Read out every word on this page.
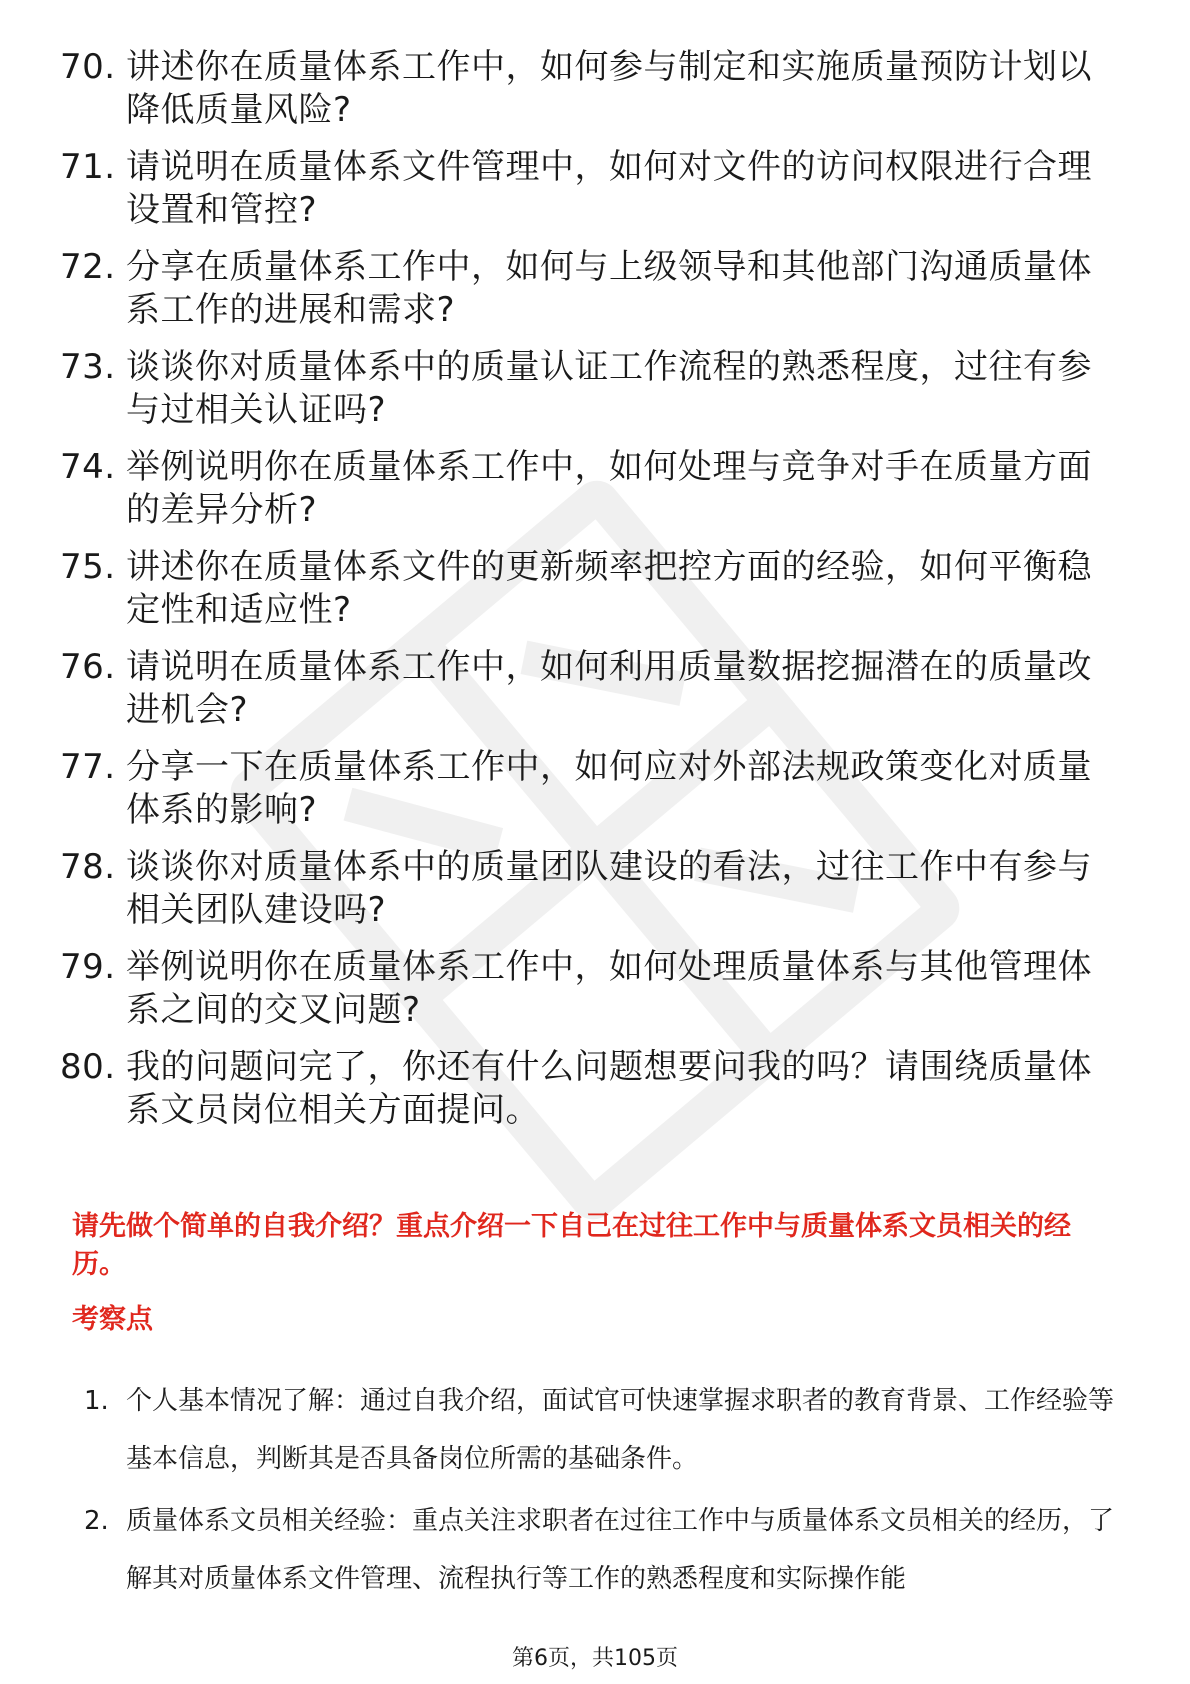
70. 讲述你在质量体系工作中，如何参与制定和实施质量预防计划以降低质量风险?
71. 请说明在质量体系文件管理中，如何对文件的访问权限进行合理设置和管控?
72. 分享在质量体系工作中，如何与上级领导和其他部门沟通质量体系工作的进展和需求?
73. 谈谈你对质量体系中的质量认证工作流程的熟悉程度，过往有参与过相关认证吗?
74. 举例说明你在质量体系工作中，如何处理与竞争对手在质量方面的差异分析?
75. 讲述你在质量体系文件的更新频率把控方面的经验，如何平衡稳定性和适应性?
76. 请说明在质量体系工作中，如何利用质量数据挖掘潜在的质量改进机会?
77. 分享一下在质量体系工作中，如何应对外部法规政策变化对质量体系的影响?
78. 谈谈你对质量体系中的质量团队建设的看法，过往工作中有参与相关团队建设吗?
79. 举例说明你在质量体系工作中，如何处理质量体系与其他管理体系之间的交叉问题?
80. 我的问题问完了，你还有什么问题想要问我的吗？请围绕质量体系文员岗位相关方面提问。

请先做个简单的自我介绍？重点介绍一下自己在过往工作中与质量体系文员相关的经历。

考察点

1. 个人基本情况了解：通过自我介绍，面试官可快速掌握求职者的教育背景、工作经验等基本信息，判断其是否具备岗位所需的基础条件。
2. 质量体系文员相关经验：重点关注求职者在过往工作中与质量体系文员相关的经历，了解其对质量体系文件管理、流程执行等工作的熟悉程度和实际操作能
第6页，共105页
